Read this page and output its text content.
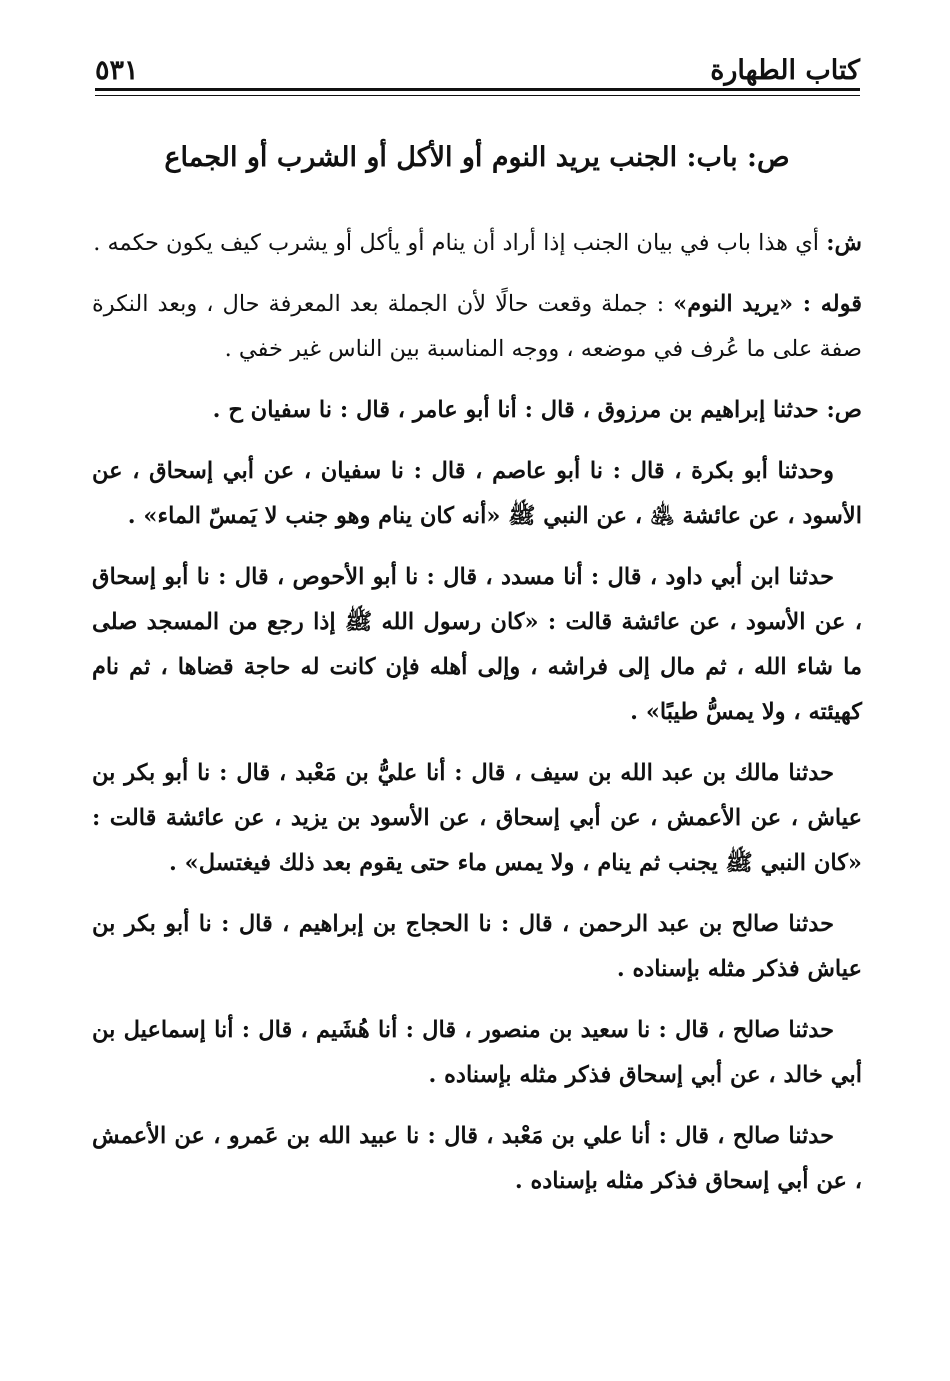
كتاب الطهارة
٥٣١
ص: باب: الجنب يريد النوم أو الأكل أو الشرب أو الجماع

ش: أي هذا باب في بيان الجنب إذا أراد أن ينام أو يأكل أو يشرب كيف يكون حكمه .

قوله : «يريد النوم» : جملة وقعت حالًا لأن الجملة بعد المعرفة حال ، وبعد النكرة صفة على ما عُرف في موضعه ، ووجه المناسبة بين الناس غير خفي .

ص: حدثنا إبراهيم بن مرزوق ، قال : أنا أبو عامر ، قال : نا سفيان ح .

وحدثنا أبو بكرة ، قال : نا أبو عاصم ، قال : نا سفيان ، عن أبي إسحاق ، عن الأسود ، عن عائشة ﵁ ، عن النبي ﷺ «أنه كان ينام وهو جنب لا يَمسّ الماء» .

حدثنا ابن أبي داود ، قال : أنا مسدد ، قال : نا أبو الأحوص ، قال : نا أبو إسحاق ، عن الأسود ، عن عائشة قالت : «كان رسول الله ﷺ إذا رجع من المسجد صلى ما شاء الله ، ثم مال إلى فراشه ، وإلى أهله فإن كانت له حاجة قضاها ، ثم نام كهيئته ، ولا يمسُّ طيبًا» .

حدثنا مالك بن عبد الله بن سيف ، قال : أنا عليُّ بن مَعْبد ، قال : نا أبو بكر بن عياش ، عن الأعمش ، عن أبي إسحاق ، عن الأسود بن يزيد ، عن عائشة قالت : «كان النبي ﷺ يجنب ثم ينام ، ولا يمس ماء حتى يقوم بعد ذلك فيغتسل» .

حدثنا صالح بن عبد الرحمن ، قال : نا الحجاج بن إبراهيم ، قال : نا أبو بكر بن عياش فذكر مثله بإسناده .

حدثنا صالح ، قال : نا سعيد بن منصور ، قال : أنا هُشَيم ، قال : أنا إسماعيل بن أبي خالد ، عن أبي إسحاق فذكر مثله بإسناده .

حدثنا صالح ، قال : أنا علي بن مَعْبد ، قال : نا عبيد الله بن عَمرو ، عن الأعمش ، عن أبي إسحاق فذكر مثله بإسناده .
